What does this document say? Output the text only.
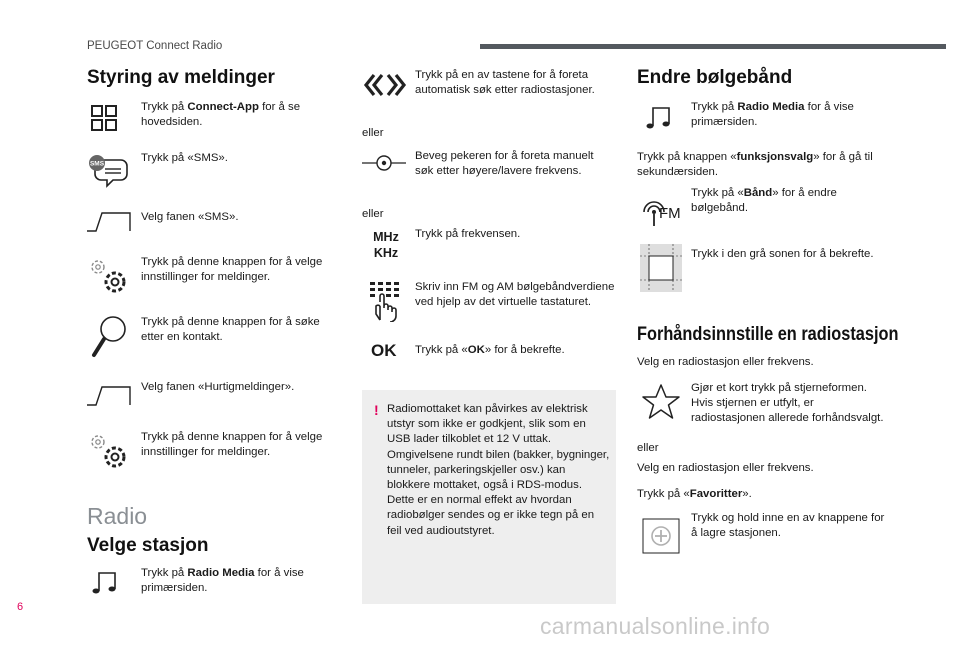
PEUGEOT Connect Radio
Styring av meldinger
Trykk på Connect-App for å se hovedsiden.
SMS	Trykk på «SMS».
Velg fanen «SMS».
Trykk på denne knappen for å velge innstillinger for meldinger.
Trykk på denne knappen for å søke etter en kontakt.
Velg fanen «Hurtigmeldinger».
Trykk på denne knappen for å velge innstillinger for meldinger.
Radio
Velge stasjon
Trykk på Radio Media for å vise primærsiden.
Trykk på en av tastene for å foreta automatisk søk etter radiostasjoner.
eller
Beveg pekeren for å foreta manuelt søk etter høyere/lavere frekvens.
eller
MHz
KHz
Trykk på frekvensen.
Skriv inn FM og AM bølgebåndverdiene ved hjelp av det virtuelle tastaturet.
OK Trykk på «OK» for å bekrefte.
! Radiomottaket kan påvirkes av elektrisk utstyr som ikke er godkjent, slik som en USB lader tilkoblet et 12 V uttak. Omgivelsene rundt bilen (bakker, bygninger, tunneler, parkeringskjeller osv.) kan blokkere mottaket, også i RDS-modus. Dette er en normal effekt av hvordan radiobølger sendes og er ikke tegn på en feil ved audioutstyret.
Endre bølgebånd
Trykk på Radio Media for å vise primærsiden.
Trykk på knappen «funksjonsvalg» for å gå til sekundærsiden.
FM
Trykk på «Bånd» for å endre bølgebånd.
Trykk i den grå sonen for å bekrefte.
Forhåndsinnstille en radiostasjon
Velg en radiostasjon eller frekvens.
Gjør et kort trykk på stjerneformen. Hvis stjernen er utfylt, er radiostasjonen allerede forhåndsvalgt.
eller
Velg en radiostasjon eller frekvens.
Trykk på «Favoritter».
Trykk og hold inne en av knappene for å lagre stasjonen.
6
carmanualsonline.info
